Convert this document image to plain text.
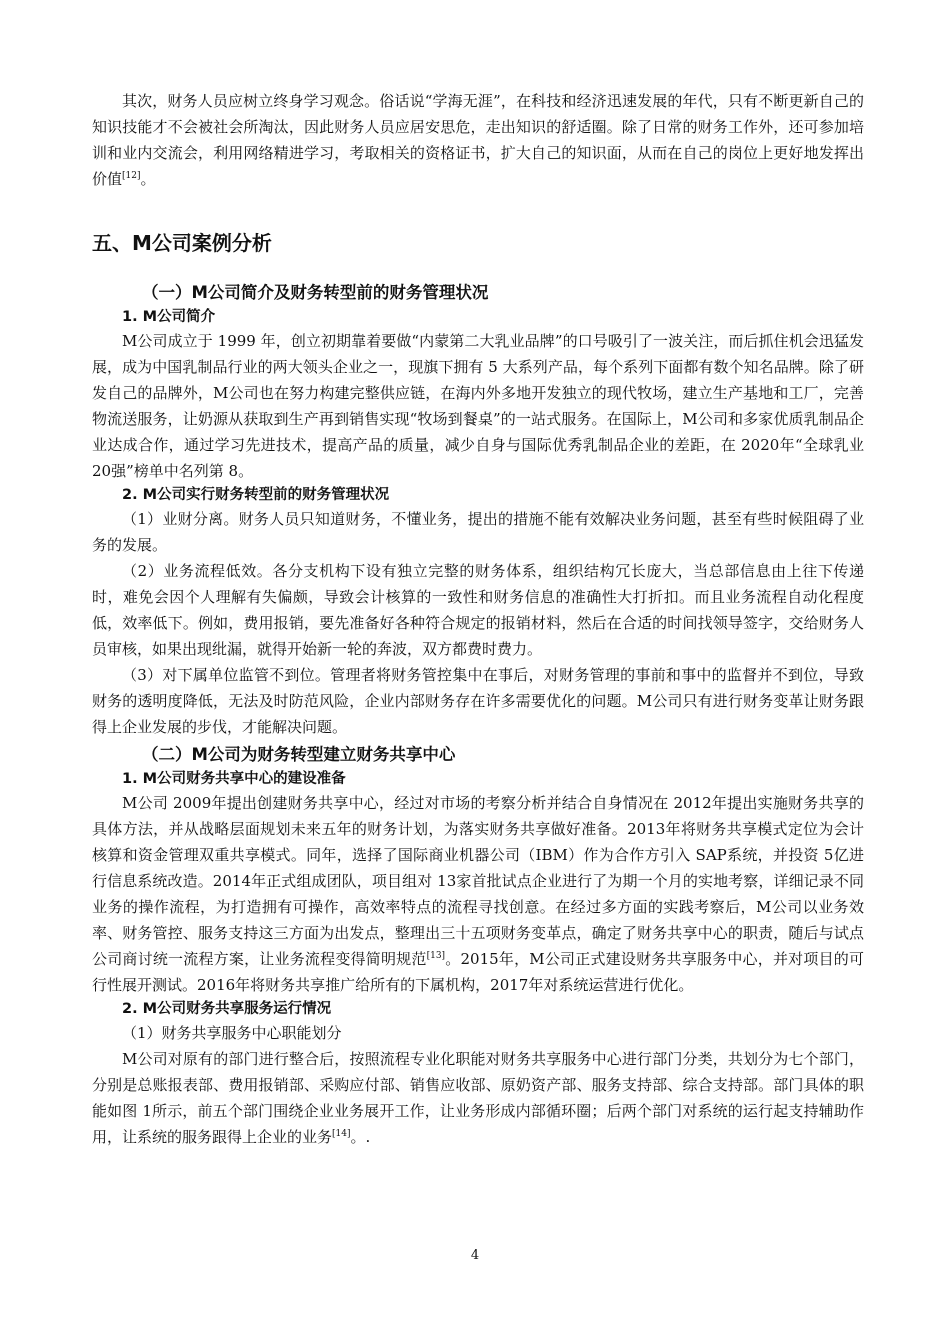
其次，财务人员应树立终身学习观念。俗话说“学海无涯”，在科技和经济迅速发展的年代，只有不断更新自己的知识技能才不会被社会所淘汰，因此财务人员应居安思危，走出知识的舒适圈。除了日常的财务工作外，还可参加培训和业内交流会，利用网络精进学习，考取相关的资格证书，扩大自己的知识面，从而在自己的岗位上更好地发挥出价值[12]。

五、M公司案例分析
（一）M公司简介及财务转型前的财务管理状况
1. M公司简介

M公司成立于 1999 年，创立初期靠着要做“内蒙第二大乳业品牌”的口号吸引了一波关注，而后抓住机会迅猛发展，成为中国乳制品行业的两大领头企业之一，现旗下拥有 5 大系列产品，每个系列下面都有数个知名品牌。除了研发自己的品牌外，M公司也在努力构建完整供应链，在海内外多地开发独立的现代牧场，建立生产基地和工厂，完善物流送服务，让奶源从获取到生产再到销售实现“牧场到餐桌”的一站式服务。在国际上，M公司和多家优质乳制品企业达成合作，通过学习先进技术，提高产品的质量，减少自身与国际优秀乳制品企业的差距，在 2020年“全球乳业 20强”榜单中名列第 8。

2. M公司实行财务转型前的财务管理状况

（1）业财分离。财务人员只知道财务，不懂业务，提出的措施不能有效解决业务问题，甚至有些时候阻碍了业务的发展。

（2）业务流程低效。各分支机构下设有独立完整的财务体系，组织结构冗长庞大，当总部信息由上往下传递时，难免会因个人理解有失偏颇，导致会计核算的一致性和财务信息的准确性大打折扣。而且业务流程自动化程度低，效率低下。例如，费用报销，要先准备好各种符合规定的报销材料，然后在合适的时间找领导签字，交给财务人员审核，如果出现纰漏，就得开始新一轮的奔波，双方都费时费力。

（3）对下属单位监管不到位。管理者将财务管控集中在事后，对财务管理的事前和事中的监督并不到位，导致财务的透明度降低，无法及时防范风险，企业内部财务存在许多需要优化的问题。M公司只有进行财务变革让财务跟得上企业发展的步伐，才能解决问题。

（二）M公司为财务转型建立财务共享中心
1. M公司财务共享中心的建设准备

M公司 2009年提出创建财务共享中心，经过对市场的考察分析并结合自身情况在 2012年提出实施财务共享的具体方法，并从战略层面规划未来五年的财务计划，为落实财务共享做好准备。2013年将财务共享模式定位为会计核算和资金管理双重共享模式。同年，选择了国际商业机器公司（IBM）作为合作方引入 SAP系统，并投资 5亿进行信息系统改造。2014年正式组成团队，项目组对 13家首批试点企业进行了为期一个月的实地考察，详细记录不同业务的操作流程，为打造拥有可操作，高效率特点的流程寻找创意。在经过多方面的实践考察后，M公司以业务效率、财务管控、服务支持这三方面为出发点，整理出三十五项财务变革点，确定了财务共享中心的职责，随后与试点公司商讨统一流程方案，让业务流程变得简明规范[13]。2015年，M公司正式建设财务共享服务中心，并对项目的可行性展开测试。2016年将财务共享推广给所有的下属机构，2017年对系统运营进行优化。

2. M公司财务共享服务运行情况

（1）财务共享服务中心职能划分

M公司对原有的部门进行整合后，按照流程专业化职能对财务共享服务中心进行部门分类，共划分为七个部门，分别是总账报表部、费用报销部、采购应付部、销售应收部、原奶资产部、服务支持部、综合支持部。部门具体的职能如图 1所示，前五个部门围绕企业业务展开工作，让业务形成内部循环圈；后两个部门对系统的运行起支持辅助作用，让系统的服务跟得上企业的业务[14]。.

4
